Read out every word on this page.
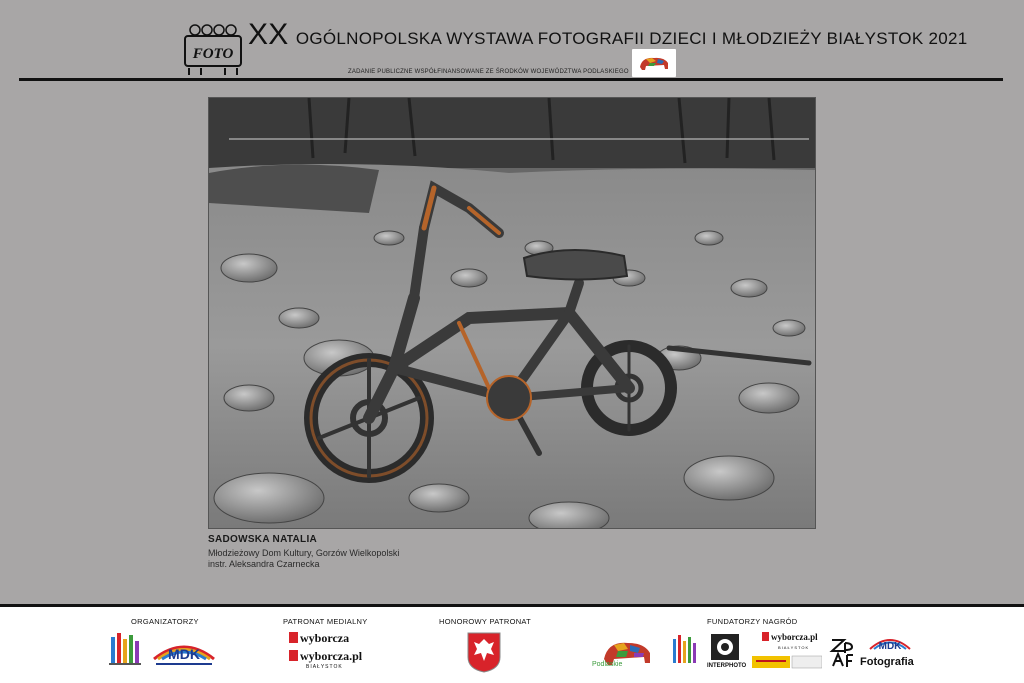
FOTO
XX OGÓLNOPOLSKA WYSTAWA FOTOGRAFII DZIECI I MŁODZIEŻY BIAŁYSTOK 2021
ZADANIE PUBLICZNE WSPÓŁFINANSOWANE ZE ŚRODKÓW WOJEWÓDZTWA PODLASKIEGO
SADOWSKA NATALIA
Młodzieżowy Dom Kultury, Gorzów Wielkopolski
instr. Aleksandra Czarnecka
ORGANIZATORZY	PATRONAT MEDIALNY	HONOROWY PATRONAT	FUNDATORZY NAGRÓD
MDK
wyborcza
wyborcza.pl
BIAŁYSTOK	Podlaskie	INTERPHOTO
wyborcza.pl
BIAŁYSTOK	MDK
Fotografia
